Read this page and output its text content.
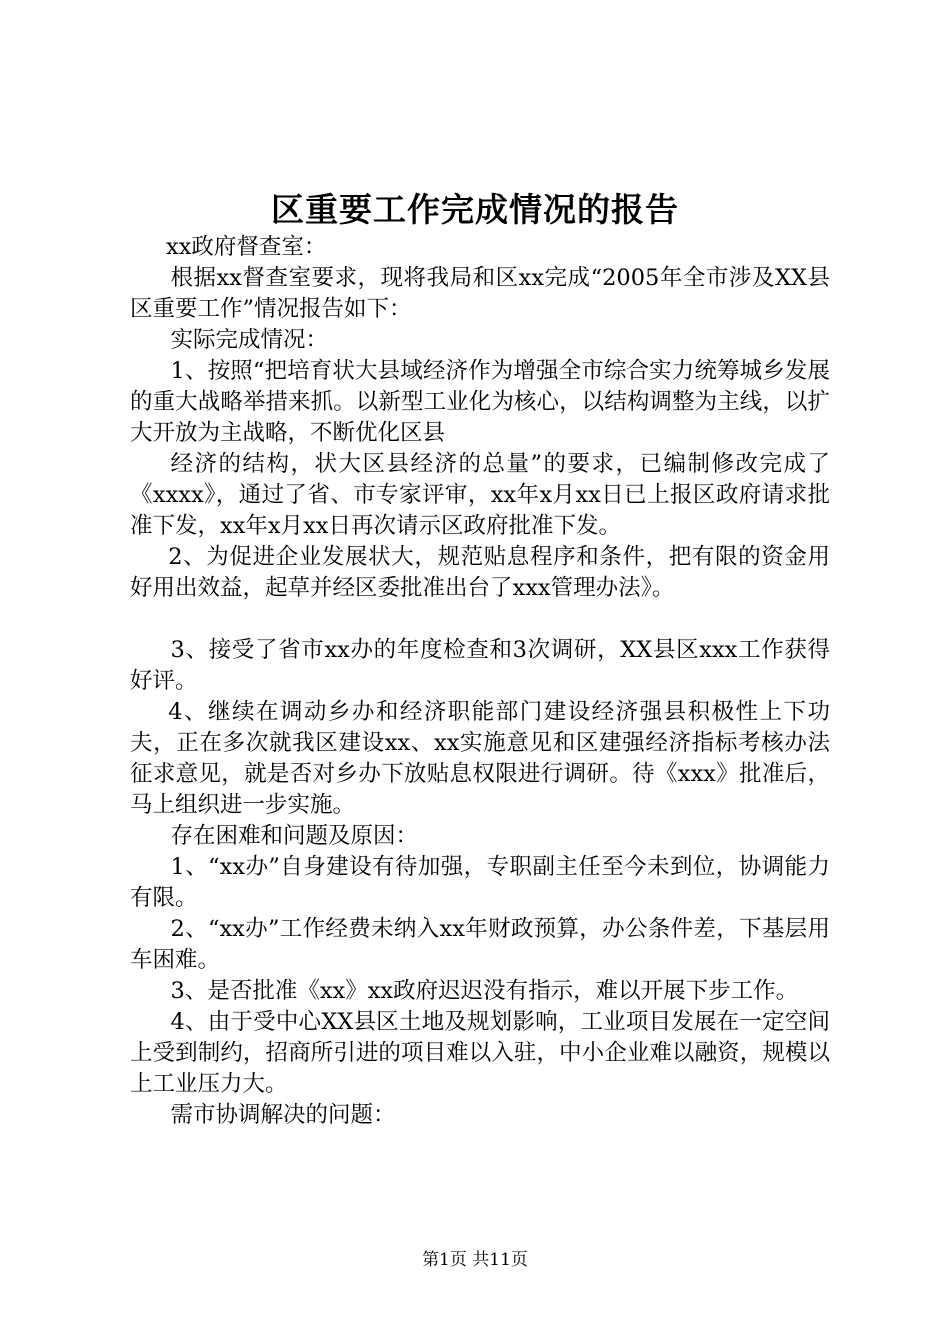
区重要工作完成情况的报告

xx政府督查室：

根据xx督查室要求，现将我局和区xx完成“2005年全市涉及XX县区重要工作”情况报告如下：

实际完成情况：

1、按照“把培育状大县域经济作为增强全市综合实力统筹城乡发展的重大战略举措来抓。以新型工业化为核心，以结构调整为主线，以扩大开放为主战略，不断优化区县

经济的结构，状大区县经济的总量”的要求，已编制修改完成了《xxxx》，通过了省、市专家评审，xx年x月xx日已上报区政府请求批准下发，xx年x月xx日再次请示区政府批准下发。

2、为促进企业发展状大，规范贴息程序和条件，把有限的资金用好用出效益，起草并经区委批准出台了xxx管理办法》。

3、接受了省市xx办的年度检查和3次调研，XX县区xxx工作获得好评。

4、继续在调动乡办和经济职能部门建设经济强县积极性上下功夫，正在多次就我区建设xx、xx实施意见和区建强经济指标考核办法征求意见，就是否对乡办下放贴息权限进行调研。待《xxx》批准后，马上组织进一步实施。

存在困难和问题及原因：

1、“xx办”自身建设有待加强，专职副主任至今未到位，协调能力有限。

2、“xx办”工作经费未纳入xx年财政预算，办公条件差，下基层用车困难。

3、是否批准《xx》xx政府迟迟没有指示，难以开展下步工作。

4、由于受中心XX县区土地及规划影响，工业项目发展在一定空间上受到制约，招商所引进的项目难以入驻，中小企业难以融资，规模以上工业压力大。

需市协调解决的问题：

第1页 共11页
